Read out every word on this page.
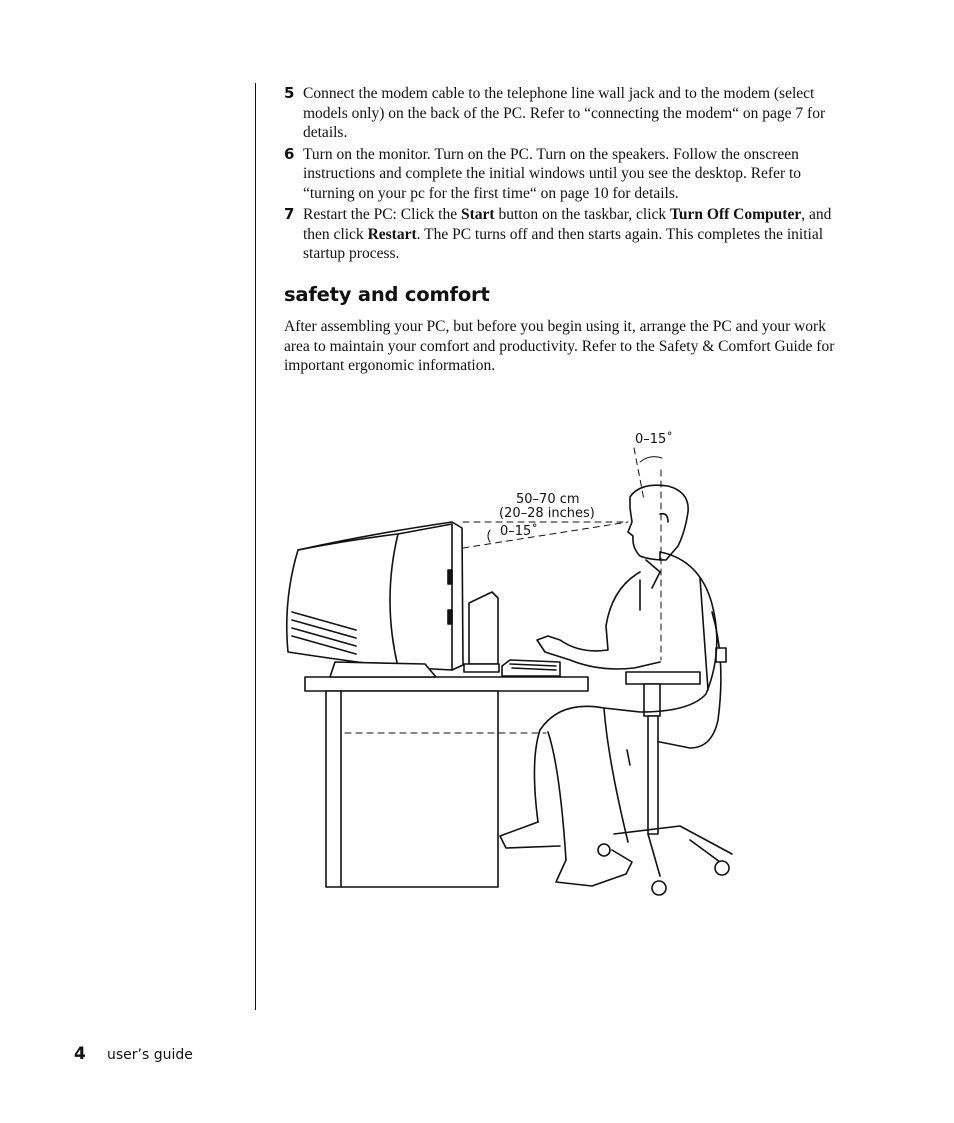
5 Connect the modem cable to the telephone line wall jack and to the modem (select models only) on the back of the PC. Refer to “connecting the modem“ on page 7 for details.
6 Turn on the monitor. Turn on the PC. Turn on the speakers. Follow the onscreen instructions and complete the initial windows until you see the desktop. Refer to “turning on your pc for the first time“ on page 10 for details.
7 Restart the PC: Click the Start button on the taskbar, click Turn Off Computer, and then click Restart. The PC turns off and then starts again. This completes the initial startup process.
safety and comfort
After assembling your PC, but before you begin using it, arrange the PC and your work area to maintain your comfort and productivity. Refer to the Safety & Comfort Guide for important ergonomic information.
0–15˚
50–70 cm
(20–28 inches)
0–15˚
4 user’s guide
